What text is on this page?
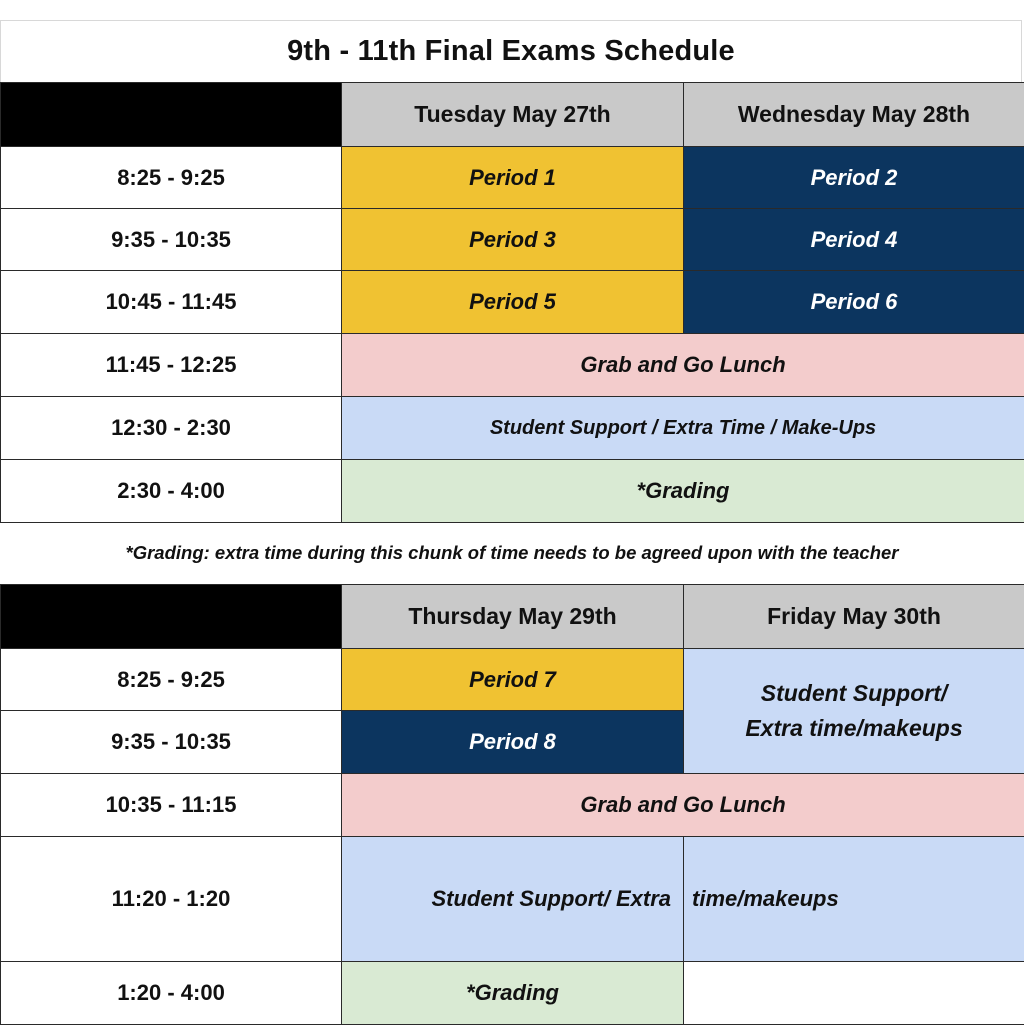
9th - 11th Final Exams Schedule
	Tuesday May 27th	Wednesday May 28th
8:25 - 9:25	Period 1	Period 2
9:35 - 10:35	Period 3	Period 4
10:45 - 11:45	Period 5	Period 6
11:45 - 12:25	Grab and Go Lunch	
12:30 - 2:30	Student Support / Extra Time / Make-Ups	
2:30 - 4:00	*Grading	
*Grading: extra time during this chunk of time needs to be agreed upon with the teacher
	Thursday May 29th	Friday May 30th
8:25 - 9:25	Period 7	Student Support/
Extra time/makeups

9:35 - 10:35	Period 8	
10:35 - 11:15	Grab and Go Lunch	
11:20 - 1:20	Student Support/ Extra	time/makeups
1:20 - 4:00	*Grading	
